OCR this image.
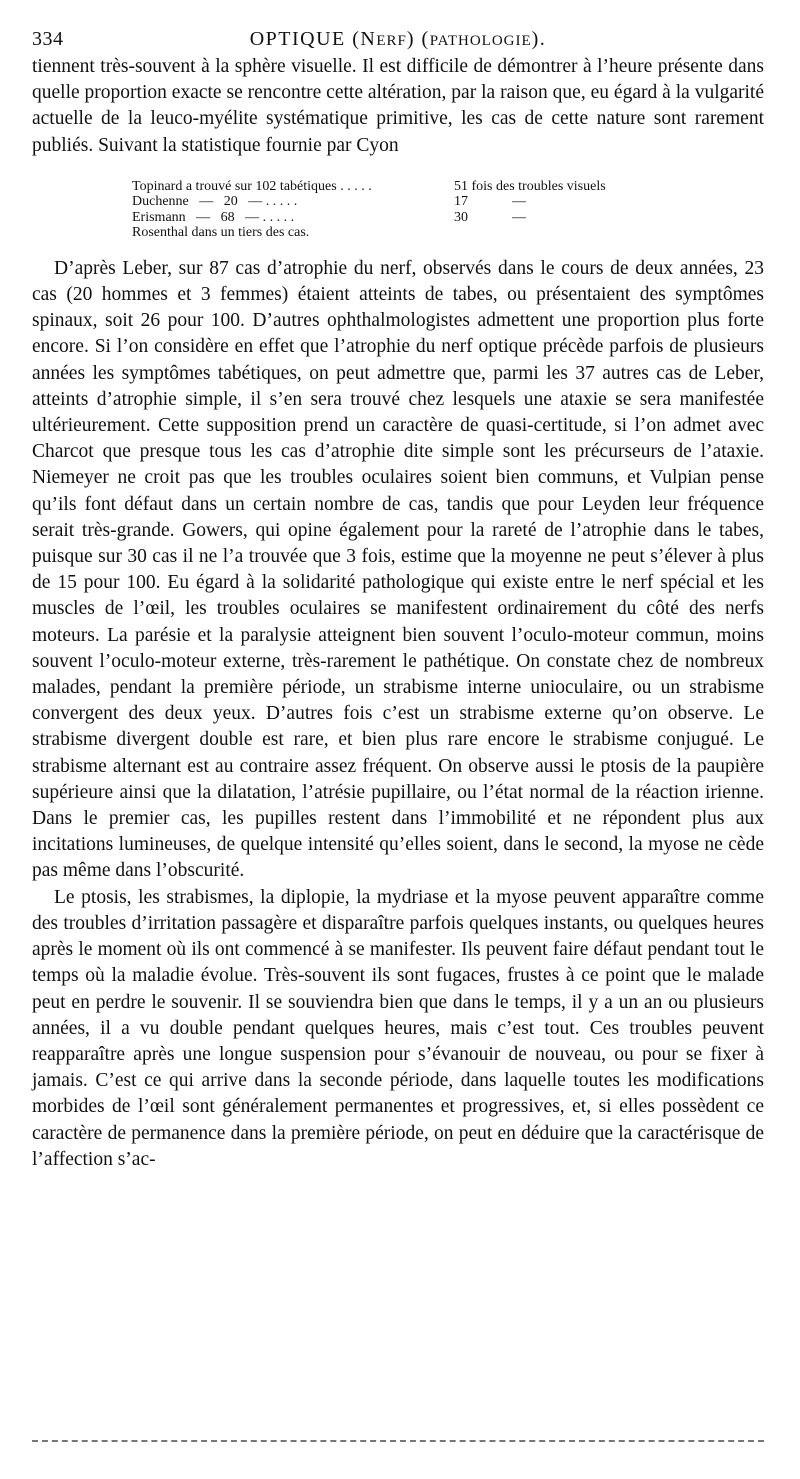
334	OPTIQUE (NERF) (PATHOLOGIE).

tiennent très-souvent à la sphère visuelle. Il est difficile de démontrer à l’heure présente dans quelle proportion exacte se rencontre cette altération, par la raison que, eu égard à la vulgarité actuelle de la leuco-myélite systématique primitive, les cas de cette nature sont rarement publiés. Suivant la statistique fournie par Cyon

Topinard a trouvé sur 102 tabétiques . . . . .	51 fois des troubles visuels
Duchenne   —   20   — . . . . .	17	—
Erismann   —   68   — . . . . .	30	—
Rosenthal dans un tiers des cas.

D’après Leber, sur 87 cas d’atrophie du nerf, observés dans le cours de deux années, 23 cas (20 hommes et 3 femmes) étaient atteints de tabes, ou présentaient des symptômes spinaux, soit 26 pour 100. D’autres ophthalmologistes admettent une proportion plus forte encore. Si l’on considère en effet que l’atrophie du nerf optique précède parfois de plusieurs années les symptômes tabétiques, on peut admettre que, parmi les 37 autres cas de Leber, atteints d’atrophie simple, il s’en sera trouvé chez lesquels une ataxie se sera manifestée ultérieurement. Cette supposition prend un caractère de quasi-certitude, si l’on admet avec Charcot que presque tous les cas d’atrophie dite simple sont les précurseurs de l’ataxie. Niemeyer ne croit pas que les troubles oculaires soient bien communs, et Vulpian pense qu’ils font défaut dans un certain nombre de cas, tandis que pour Leyden leur fréquence serait très-grande. Gowers, qui opine également pour la rareté de l’atrophie dans le tabes, puisque sur 30 cas il ne l’a trouvée que 3 fois, estime que la moyenne ne peut s’élever à plus de 15 pour 100. Eu égard à la solidarité pathologique qui existe entre le nerf spécial et les muscles de l’œil, les troubles oculaires se manifestent ordinairement du côté des nerfs moteurs. La parésie et la paralysie atteignent bien souvent l’oculo-moteur commun, moins souvent l’oculo-moteur externe, très-rarement le pathétique. On constate chez de nombreux malades, pendant la première période, un strabisme interne unioculaire, ou un strabisme convergent des deux yeux. D’autres fois c’est un strabisme externe qu’on observe. Le strabisme divergent double est rare, et bien plus rare encore le strabisme conjugué. Le strabisme alternant est au contraire assez fréquent. On observe aussi le ptosis de la paupière supérieure ainsi que la dilatation, l’atrésie pupillaire, ou l’état normal de la réaction irienne. Dans le premier cas, les pupilles restent dans l’immobilité et ne répondent plus aux incitations lumineuses, de quelque intensité qu’elles soient, dans le second, la myose ne cède pas même dans l’obscurité.

Le ptosis, les strabismes, la diplopie, la mydriase et la myose peuvent apparaître comme des troubles d’irritation passagère et disparaître parfois quelques instants, ou quelques heures après le moment où ils ont commencé à se manifester. Ils peuvent faire défaut pendant tout le temps où la maladie évolue. Très-souvent ils sont fugaces, frustes à ce point que le malade peut en perdre le souvenir. Il se souviendra bien que dans le temps, il y a un an ou plusieurs années, il a vu double pendant quelques heures, mais c’est tout. Ces troubles peuvent reapparaître après une longue suspension pour s’évanouir de nouveau, ou pour se fixer à jamais. C’est ce qui arrive dans la seconde période, dans laquelle toutes les modifications morbides de l’œil sont généralement permanentes et progressives, et, si elles possèdent ce caractère de permanence dans la première période, on peut en déduire que la caractérisque de l’affection s’ac-
